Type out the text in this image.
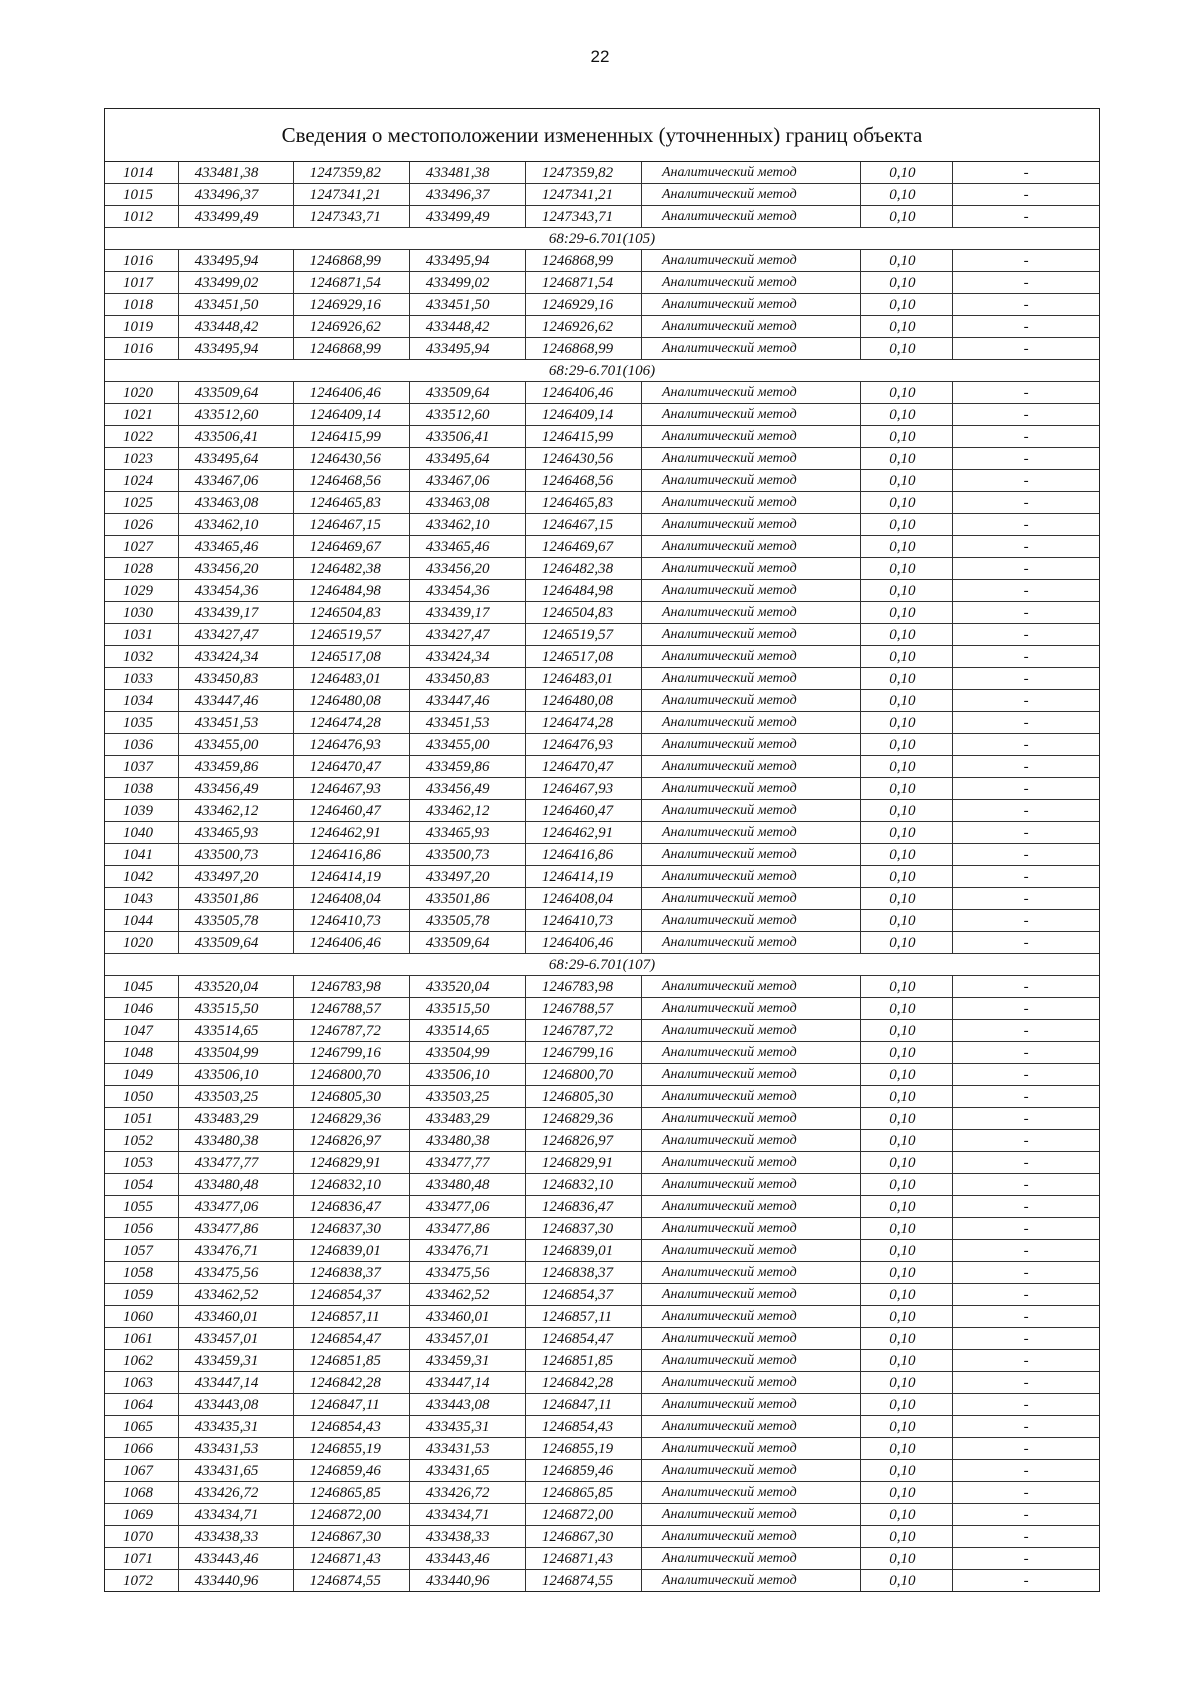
22
Сведения о местоположении измененных (уточненных) границ объекта
1014	433481,38	1247359,82	433481,38	1247359,82	Аналитический метод	0,10	-
1015	433496,37	1247341,21	433496,37	1247341,21	Аналитический метод	0,10	-
1012	433499,49	1247343,71	433499,49	1247343,71	Аналитический метод	0,10	-
68:29-6.701(105)							
1016	433495,94	1246868,99	433495,94	1246868,99	Аналитический метод	0,10	-
1017	433499,02	1246871,54	433499,02	1246871,54	Аналитический метод	0,10	-
1018	433451,50	1246929,16	433451,50	1246929,16	Аналитический метод	0,10	-
1019	433448,42	1246926,62	433448,42	1246926,62	Аналитический метод	0,10	-
1016	433495,94	1246868,99	433495,94	1246868,99	Аналитический метод	0,10	-
68:29-6.701(106)							
1020	433509,64	1246406,46	433509,64	1246406,46	Аналитический метод	0,10	-
1021	433512,60	1246409,14	433512,60	1246409,14	Аналитический метод	0,10	-
1022	433506,41	1246415,99	433506,41	1246415,99	Аналитический метод	0,10	-
1023	433495,64	1246430,56	433495,64	1246430,56	Аналитический метод	0,10	-
1024	433467,06	1246468,56	433467,06	1246468,56	Аналитический метод	0,10	-
1025	433463,08	1246465,83	433463,08	1246465,83	Аналитический метод	0,10	-
1026	433462,10	1246467,15	433462,10	1246467,15	Аналитический метод	0,10	-
1027	433465,46	1246469,67	433465,46	1246469,67	Аналитический метод	0,10	-
1028	433456,20	1246482,38	433456,20	1246482,38	Аналитический метод	0,10	-
1029	433454,36	1246484,98	433454,36	1246484,98	Аналитический метод	0,10	-
1030	433439,17	1246504,83	433439,17	1246504,83	Аналитический метод	0,10	-
1031	433427,47	1246519,57	433427,47	1246519,57	Аналитический метод	0,10	-
1032	433424,34	1246517,08	433424,34	1246517,08	Аналитический метод	0,10	-
1033	433450,83	1246483,01	433450,83	1246483,01	Аналитический метод	0,10	-
1034	433447,46	1246480,08	433447,46	1246480,08	Аналитический метод	0,10	-
1035	433451,53	1246474,28	433451,53	1246474,28	Аналитический метод	0,10	-
1036	433455,00	1246476,93	433455,00	1246476,93	Аналитический метод	0,10	-
1037	433459,86	1246470,47	433459,86	1246470,47	Аналитический метод	0,10	-
1038	433456,49	1246467,93	433456,49	1246467,93	Аналитический метод	0,10	-
1039	433462,12	1246460,47	433462,12	1246460,47	Аналитический метод	0,10	-
1040	433465,93	1246462,91	433465,93	1246462,91	Аналитический метод	0,10	-
1041	433500,73	1246416,86	433500,73	1246416,86	Аналитический метод	0,10	-
1042	433497,20	1246414,19	433497,20	1246414,19	Аналитический метод	0,10	-
1043	433501,86	1246408,04	433501,86	1246408,04	Аналитический метод	0,10	-
1044	433505,78	1246410,73	433505,78	1246410,73	Аналитический метод	0,10	-
1020	433509,64	1246406,46	433509,64	1246406,46	Аналитический метод	0,10	-
68:29-6.701(107)							
1045	433520,04	1246783,98	433520,04	1246783,98	Аналитический метод	0,10	-
1046	433515,50	1246788,57	433515,50	1246788,57	Аналитический метод	0,10	-
1047	433514,65	1246787,72	433514,65	1246787,72	Аналитический метод	0,10	-
1048	433504,99	1246799,16	433504,99	1246799,16	Аналитический метод	0,10	-
1049	433506,10	1246800,70	433506,10	1246800,70	Аналитический метод	0,10	-
1050	433503,25	1246805,30	433503,25	1246805,30	Аналитический метод	0,10	-
1051	433483,29	1246829,36	433483,29	1246829,36	Аналитический метод	0,10	-
1052	433480,38	1246826,97	433480,38	1246826,97	Аналитический метод	0,10	-
1053	433477,77	1246829,91	433477,77	1246829,91	Аналитический метод	0,10	-
1054	433480,48	1246832,10	433480,48	1246832,10	Аналитический метод	0,10	-
1055	433477,06	1246836,47	433477,06	1246836,47	Аналитический метод	0,10	-
1056	433477,86	1246837,30	433477,86	1246837,30	Аналитический метод	0,10	-
1057	433476,71	1246839,01	433476,71	1246839,01	Аналитический метод	0,10	-
1058	433475,56	1246838,37	433475,56	1246838,37	Аналитический метод	0,10	-
1059	433462,52	1246854,37	433462,52	1246854,37	Аналитический метод	0,10	-
1060	433460,01	1246857,11	433460,01	1246857,11	Аналитический метод	0,10	-
1061	433457,01	1246854,47	433457,01	1246854,47	Аналитический метод	0,10	-
1062	433459,31	1246851,85	433459,31	1246851,85	Аналитический метод	0,10	-
1063	433447,14	1246842,28	433447,14	1246842,28	Аналитический метод	0,10	-
1064	433443,08	1246847,11	433443,08	1246847,11	Аналитический метод	0,10	-
1065	433435,31	1246854,43	433435,31	1246854,43	Аналитический метод	0,10	-
1066	433431,53	1246855,19	433431,53	1246855,19	Аналитический метод	0,10	-
1067	433431,65	1246859,46	433431,65	1246859,46	Аналитический метод	0,10	-
1068	433426,72	1246865,85	433426,72	1246865,85	Аналитический метод	0,10	-
1069	433434,71	1246872,00	433434,71	1246872,00	Аналитический метод	0,10	-
1070	433438,33	1246867,30	433438,33	1246867,30	Аналитический метод	0,10	-
1071	433443,46	1246871,43	433443,46	1246871,43	Аналитический метод	0,10	-
1072	433440,96	1246874,55	433440,96	1246874,55	Аналитический метод	0,10	-
